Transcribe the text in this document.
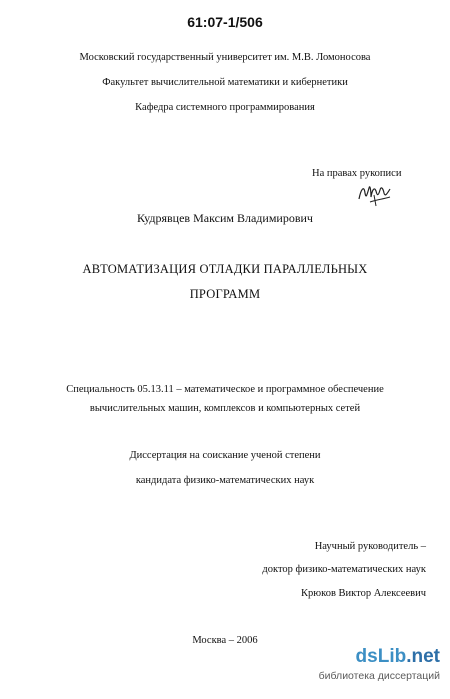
61:07-1/506
Московский государственный университет им. М.В. Ломоносова
Факультет вычислительной математики и кибернетики
Кафедра системного программирования
На правах рукописи
Кудрявцев Максим Владимирович
АВТОМАТИЗАЦИЯ ОТЛАДКИ ПАРАЛЛЕЛЬНЫХ
ПРОГРАММ
Специальность 05.13.11 – математическое и программное обеспечение
вычислительных машин, комплексов и компьютерных сетей
Диссертация на соискание ученой степени
кандидата физико-математических наук
Научный руководитель –
доктор физико-математических наук
Крюков Виктор Алексеевич
Москва – 2006
dsLib.net
библиотека диссертаций
